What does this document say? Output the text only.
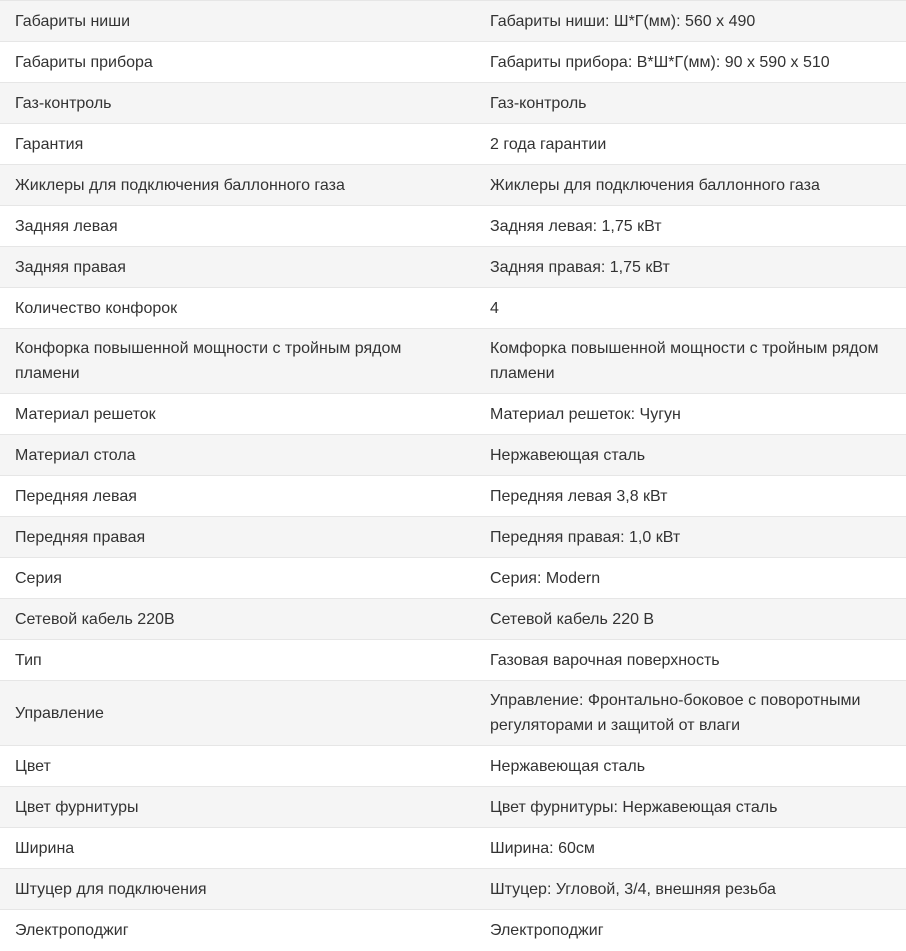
Габариты ниши	Габариты ниши: Ш*Г(мм): 560 x 490
Габариты прибора	Габариты прибора: В*Ш*Г(мм): 90 x 590 x 510
Газ-контроль	Газ-контроль
Гарантия	2 года гарантии
Жиклеры для подключения баллонного газа	Жиклеры для подключения баллонного газа
Задняя левая	Задняя левая: 1,75 кВт
Задняя правая	Задняя правая: 1,75 кВт
Количество конфорок	4
Конфорка повышенной мощности с тройным рядом пламени	Комфорка повышенной мощности с тройным рядом пламени
Материал решеток	Материал решеток: Чугун
Материал стола	Нержавеющая сталь
Передняя левая	Передняя левая 3,8 кВт
Передняя правая	Передняя правая: 1,0 кВт
Серия	Серия: Modern
Сетевой кабель 220В	Сетевой кабель 220 В
Тип	Газовая варочная поверхность
Управление	Управление: Фронтально-боковое с поворотными регуляторами и защитой от влаги
Цвет	Нержавеющая сталь
Цвет фурнитуры	Цвет фурнитуры: Нержавеющая сталь
Ширина	Ширина: 60см
Штуцер для подключения	Штуцер: Угловой, 3/4, внешняя резьба
Электроподжиг	Электроподжиг
